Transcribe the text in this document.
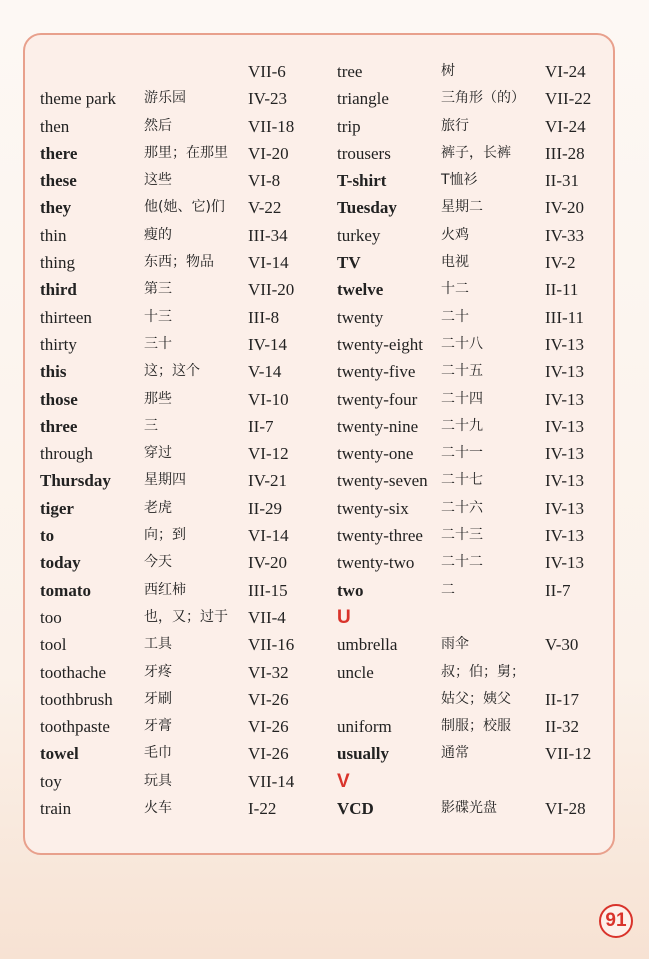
VII-6
theme park 游乐园	IV-23
then	然后	VII-18
there	那里；在那里 VI-20
these	这些	VI-8
they	他(她、它)们 V-22
thin	瘦的	III-34
thing	东西；物品 VI-14
third	第三	VII-20
thirteen	十三	III-8
thirty	三十	IV-14
this	这；这个	V-14
those	那些	VI-10
three	三	II-7
through	穿过	VI-12
Thursday 星期四	IV-21
tiger	老虎	II-29
to	向；到	VI-14
today	今天	IV-20
tomato	西红柿	III-15
too	也，又；过于 VII-4
tool	工具	VII-16
toothache	牙疼	VI-32
toothbrush 牙刷	VI-26
toothpaste 牙膏	VI-26
towel	毛巾	VI-26
toy	玩具	VII-14
train	火车	I-22
tree	树	VI-24
triangle	三角形（的） VII-22
trip	旅行	VI-24
trousers	裤子，长裤 III-28
T-shirt	T恤衫	II-31
Tuesday	星期二	IV-20
turkey	火鸡	IV-33
TV	电视	IV-2
twelve	十二	II-11
twenty	二十	III-11
twenty-eight 二十八	IV-13
twenty-five 二十五	IV-13
twenty-four 二十四	IV-13
twenty-nine 二十九	IV-13
twenty-one 二十一	IV-13
twenty-seven 二十七	IV-13
twenty-six 二十六	IV-13
twenty-three 二十三	IV-13
twenty-two 二十二	IV-13
two	二	II-7
U
umbrella	雨伞	V-30
uncle	叔；伯；舅；
姑父；姨父 II-17
uniform	制服；校服 II-32
usually	通常	VII-12
V
VCD	影碟光盘	VI-28
91
